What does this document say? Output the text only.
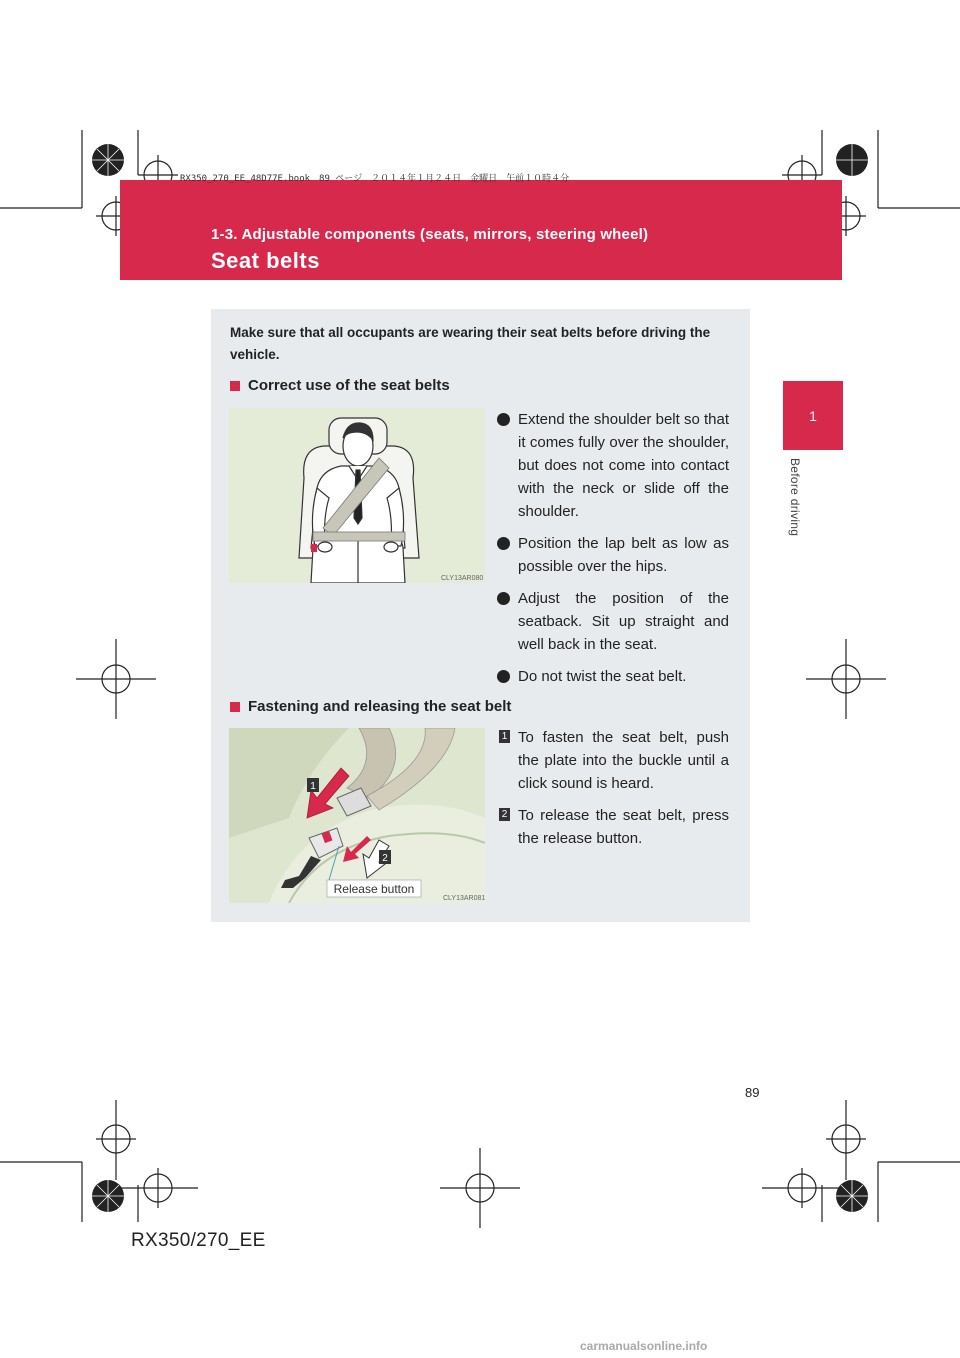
RX350_270_EE_48D77E.book　89 ページ　２０１４年１月２４日　金曜日　午前１０時４分
1-3. Adjustable components (seats, mirrors, steering wheel)
Seat belts
1
Before driving
Make sure that all occupants are wearing their seat belts before driving the vehicle.
Correct use of the seat belts
CLY13AR080
Extend the shoulder belt so that it comes fully over the shoulder, but does not come into contact with the neck or slide off the shoulder.
Position the lap belt as low as possible over the hips.
Adjust the position of the seatback. Sit up straight and well back in the seat.
Do not twist the seat belt.
Fastening and releasing the seat belt
1
2
Release button
CLY13AR081
1 To fasten the seat belt, push the plate into the buckle until a click sound is heard.
2 To release the seat belt, press the release button.
89
RX350/270_EE
carmanualsonline.info
